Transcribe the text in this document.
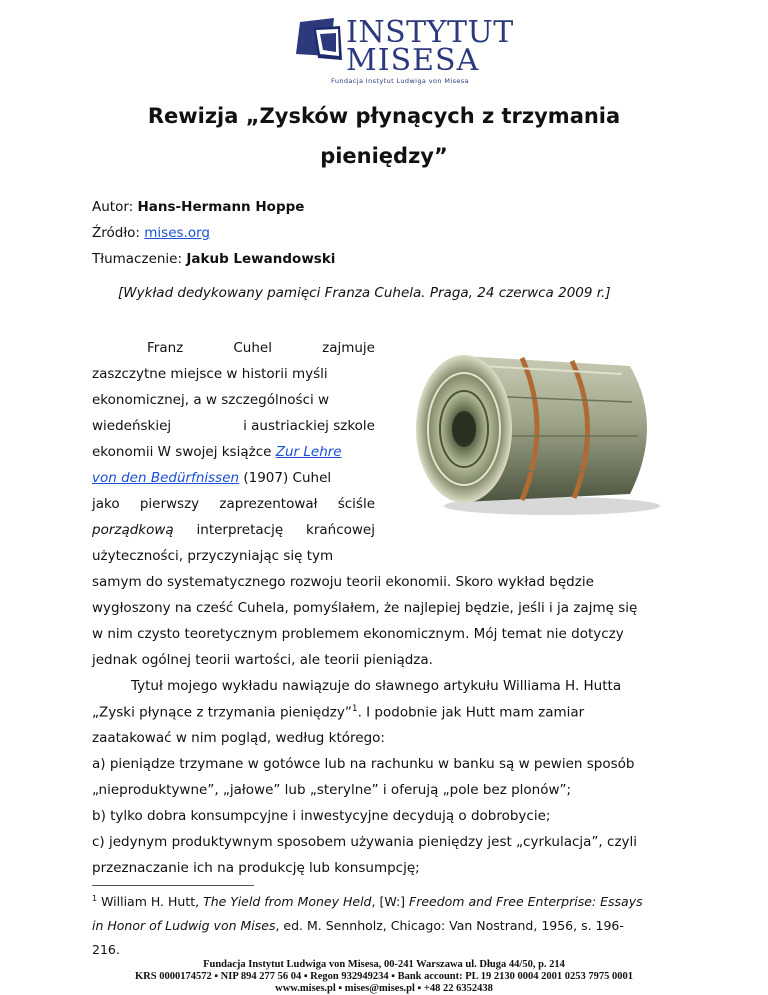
INSTYTUT
MISESA
Fundacja Instytut Ludwiga von Misesa
Rewizja „Zysków płynących z trzymania
pieniędzy”
Autor: Hans-Hermann Hoppe
Źródło: mises.org
Tłumaczenie: Jakub Lewandowski
[Wykład dedykowany pamięci Franza Cuhela. Praga, 24 czerwca 2009 r.]
Franz	Cuhel	zajmuje
zaszczytne miejsce w historii myśli
ekonomicznej, a w szczególności w
wiedeńskiej	i austriackiej szkole
ekonomii W swojej książce Zur Lehre
von den Bedürfnissen (1907) Cuhel
jako pierwszy zaprezentował ściśle
porządkową interpretację krańcowej
użyteczności, przyczyniając się tym
samym do systematycznego rozwoju teorii ekonomii. Skoro wykład będzie
wygłoszony na cześć Cuhela, pomyślałem, że najlepiej będzie, jeśli i ja zajmę się
w nim czysto teoretycznym problemem ekonomicznym. Mój temat nie dotyczy
jednak ogólnej teorii wartości, ale teorii pieniądza.
Tytuł mojego wykładu nawiązuje do sławnego artykułu Williama H. Hutta
„Zyski płynące z trzymania pieniędzy”$^1$. I podobnie jak Hutt mam zamiar
zaatakować w nim pogląd, według którego:
a) pieniądze trzymane w gotówce lub na rachunku w banku są w pewien sposób
„nieproduktywne”, „jałowe” lub „sterylne” i oferują „pole bez plonów”;
b) tylko dobra konsumpcyjne i inwestycyjne decydują o dobrobycie;
c) jedynym produktywnym sposobem używania pieniędzy jest „cyrkulacja”, czyli
przeznaczanie ich na produkcję lub konsumpcję;
$^1$ William H. Hutt, The Yield from Money Held, [W:] Freedom and Free Enterprise: Essays
in Honor of Ludwig von Mises, ed. M. Sennholz, Chicago: Van Nostrand, 1956, s. 196-
216.
Fundacja Instytut Ludwiga von Misesa, 00-241 Warszawa ul. Długa 44/50, p. 214
KRS 0000174572 ▪ NIP 894 277 56 04 ▪ Regon 932949234 ▪ Bank account: PL 19 2130 0004 2001 0253 7975 0001
www.mises.pl ▪ mises@mises.pl ▪ +48 22 6352438
